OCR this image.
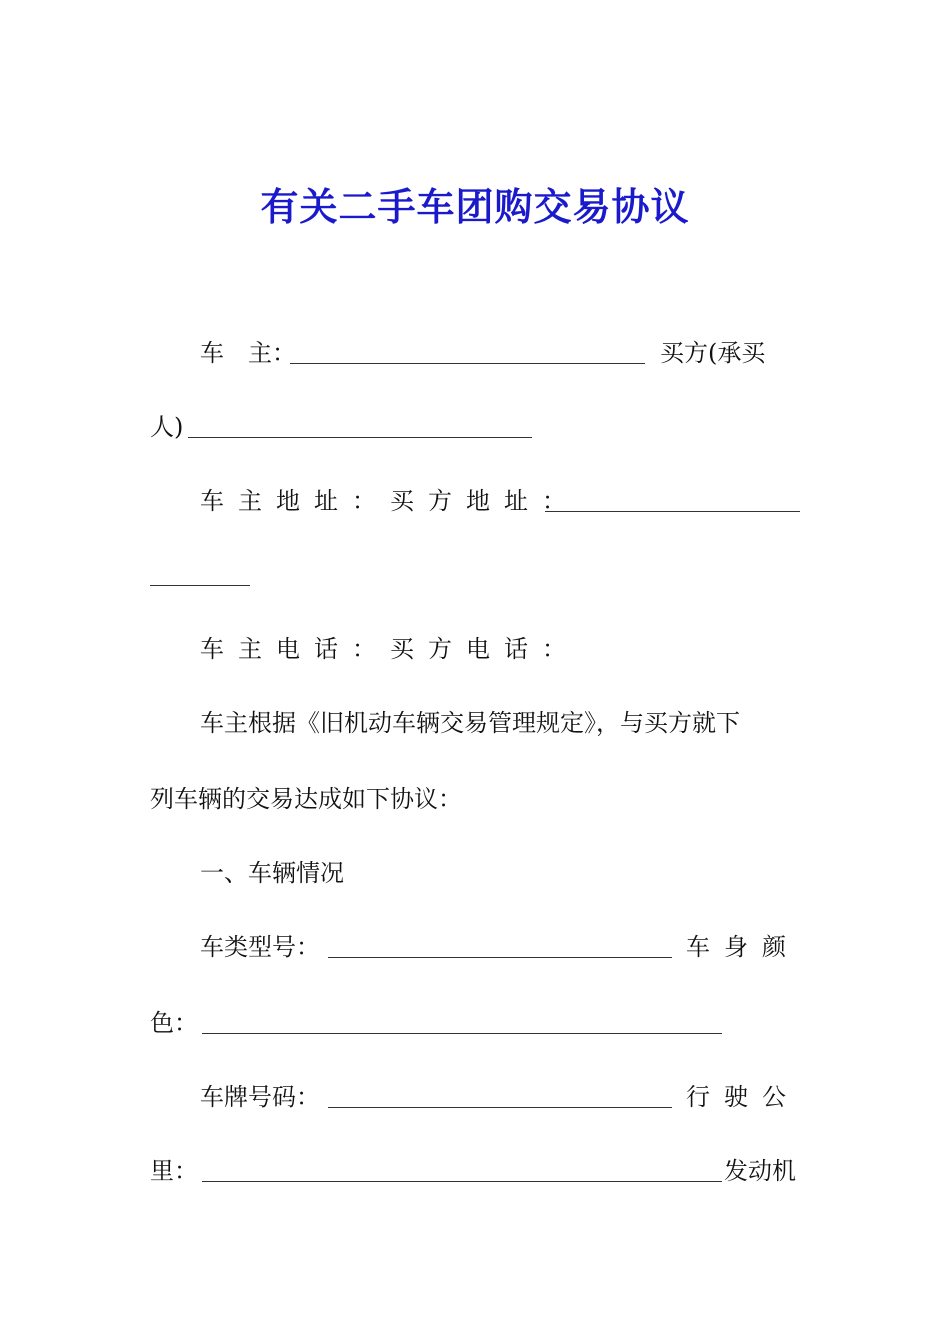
有关二手车团购交易协议
车　主：	买方(承买
人)
车主地址：买方地址：
车主电话：买方电话：
车主根据《旧机动车辆交易管理规定》，与买方就下
列车辆的交易达成如下协议：
一、车辆情况
车类型号：	车身颜
色：
车牌号码：	行驶公
里：	发动机
